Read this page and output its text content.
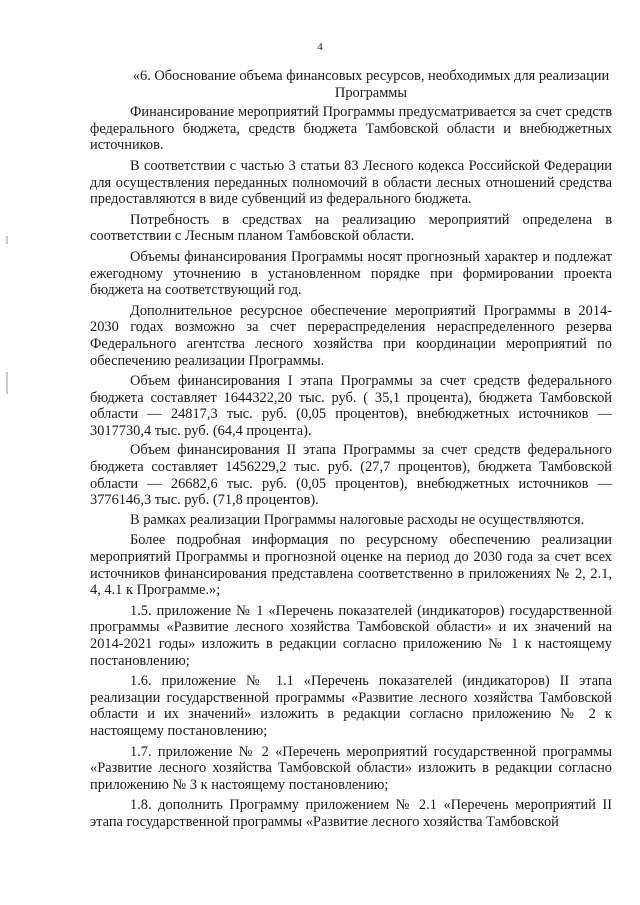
4

«6. Обоснование объема финансовых ресурсов, необходимых для реализации Программы

Финансирование мероприятий Программы предусматривается за счет средств федерального бюджета, средств бюджета Тамбовской области и внебюджетных источников.

В соответствии с частью 3 статьи 83 Лесного кодекса Российской Федерации для осуществления переданных полномочий в области лесных отношений средства предоставляются в виде субвенций из федерального бюджета.

Потребность в средствах на реализацию мероприятий определена в соответствии с Лесным планом Тамбовской области.

Объемы финансирования Программы носят прогнозный характер и подлежат ежегодному уточнению в установленном порядке при формировании проекта бюджета на соответствующий год.

Дополнительное ресурсное обеспечение мероприятий Программы в 2014-2030 годах возможно за счет перераспределения нераспределенного резерва Федерального агентства лесного хозяйства при координации мероприятий по обеспечению реализации Программы.

Объем финансирования I этапа Программы за счет средств федерального бюджета составляет 1644322,20 тыс. руб. ( 35,1 процента), бюджета Тамбовской области — 24817,3 тыс. руб. (0,05 процентов), внебюджетных источников — 3017730,4 тыс. руб. (64,4 процента).

Объем финансирования II этапа Программы за счет средств федерального бюджета составляет 1456229,2 тыс. руб. (27,7 процентов), бюджета Тамбовской области — 26682,6 тыс. руб. (0,05 процентов), внебюджетных источников — 3776146,3 тыс. руб. (71,8 процентов).

В рамках реализации Программы налоговые расходы не осуществляются.

Более подробная информация по ресурсному обеспечению реализации мероприятий Программы и прогнозной оценке на период до 2030 года за счет всех источников финансирования представлена соответственно в приложениях № 2, 2.1, 4, 4.1 к Программе.»;

1.5. приложение № 1 «Перечень показателей (индикаторов) государственной программы «Развитие лесного хозяйства Тамбовской области» и их значений на 2014-2021 годы» изложить в редакции согласно приложению № 1 к настоящему постановлению;

1.6. приложение № 1.1 «Перечень показателей (индикаторов) II этапа реализации государственной программы «Развитие лесного хозяйства Тамбовской области и их значений» изложить в редакции согласно приложению № 2 к настоящему постановлению;

1.7. приложение № 2 «Перечень мероприятий государственной программы «Развитие лесного хозяйства Тамбовской области» изложить в редакции согласно приложению № 3 к настоящему постановлению;

1.8. дополнить Программу приложением № 2.1 «Перечень мероприятий II этапа государственной программы «Развитие лесного хозяйства Тамбовской
